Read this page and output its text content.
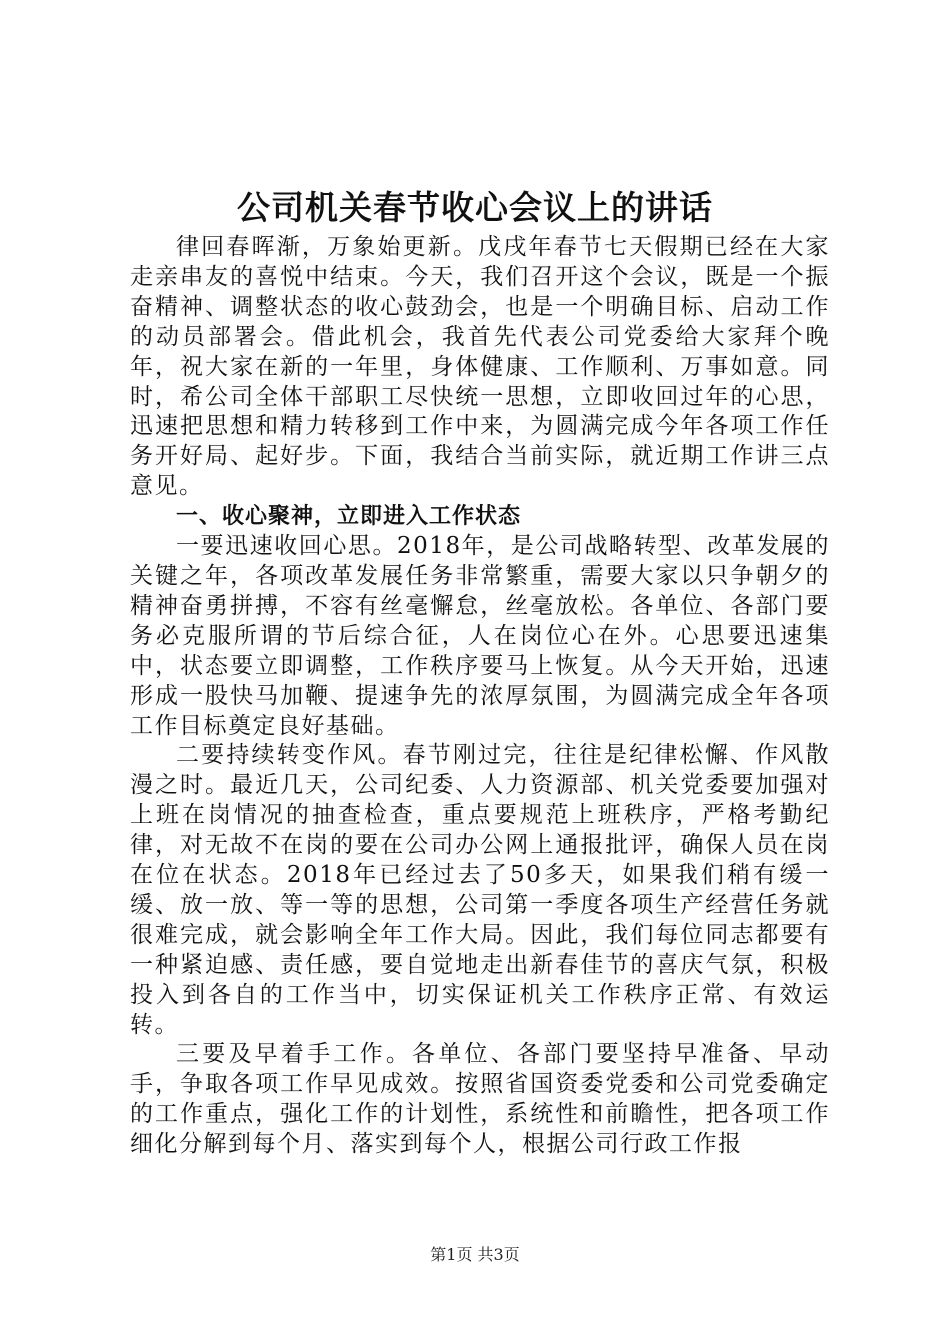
公司机关春节收心会议上的讲话

律回春晖渐，万象始更新。戊戌年春节七天假期已经在大家走亲串友的喜悦中结束。今天，我们召开这个会议，既是一个振奋精神、调整状态的收心鼓劲会，也是一个明确目标、启动工作的动员部署会。借此机会，我首先代表公司党委给大家拜个晚年，祝大家在新的一年里，身体健康、工作顺利、万事如意。同时，希公司全体干部职工尽快统一思想，立即收回过年的心思，迅速把思想和精力转移到工作中来，为圆满完成今年各项工作任务开好局、起好步。下面，我结合当前实际，就近期工作讲三点意见。

一、收心聚神，立即进入工作状态

一要迅速收回心思。2018年，是公司战略转型、改革发展的关键之年，各项改革发展任务非常繁重，需要大家以只争朝夕的精神奋勇拼搏，不容有丝毫懈怠，丝毫放松。各单位、各部门要务必克服所谓的节后综合征，人在岗位心在外。心思要迅速集中，状态要立即调整，工作秩序要马上恢复。从今天开始，迅速形成一股快马加鞭、提速争先的浓厚氛围，为圆满完成全年各项工作目标奠定良好基础。

二要持续转变作风。春节刚过完，往往是纪律松懈、作风散漫之时。最近几天，公司纪委、人力资源部、机关党委要加强对上班在岗情况的抽查检查，重点要规范上班秩序，严格考勤纪律，对无故不在岗的要在公司办公网上通报批评，确保人员在岗在位在状态。2018年已经过去了50多天，如果我们稍有缓一缓、放一放、等一等的思想，公司第一季度各项生产经营任务就很难完成，就会影响全年工作大局。因此，我们每位同志都要有一种紧迫感、责任感，要自觉地走出新春佳节的喜庆气氛，积极投入到各自的工作当中，切实保证机关工作秩序正常、有效运转。

三要及早着手工作。各单位、各部门要坚持早准备、早动手，争取各项工作早见成效。按照省国资委党委和公司党委确定的工作重点，强化工作的计划性，系统性和前瞻性，把各项工作细化分解到每个月、落实到每个人，根据公司行政工作报

第1页 共3页
